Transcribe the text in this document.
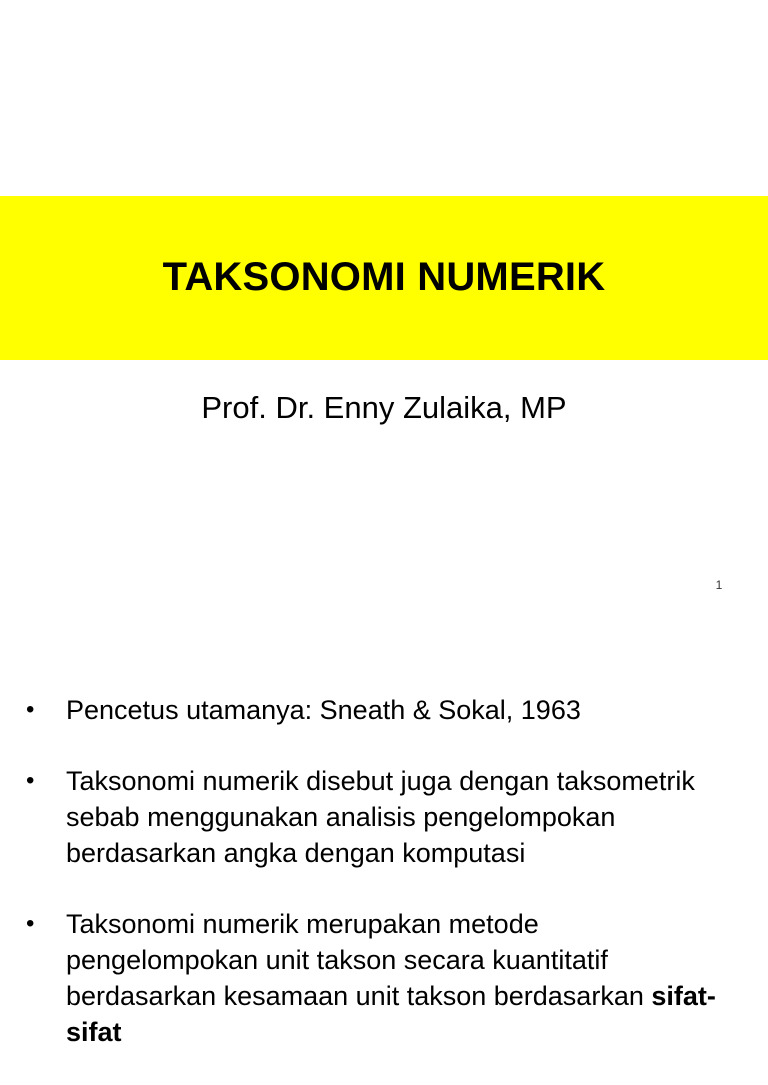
TAKSONOMI NUMERIK
Prof. Dr. Enny Zulaika, MP
1
•	Pencetus utamanya: Sneath & Sokal, 1963
•	Taksonomi numerik disebut juga dengan taksometrik sebab menggunakan analisis pengelompokan berdasarkan angka dengan komputasi
•	Taksonomi numerik merupakan metode pengelompokan unit takson secara kuantitatif berdasarkan kesamaan unit takson berdasarkan sifat-sifat
